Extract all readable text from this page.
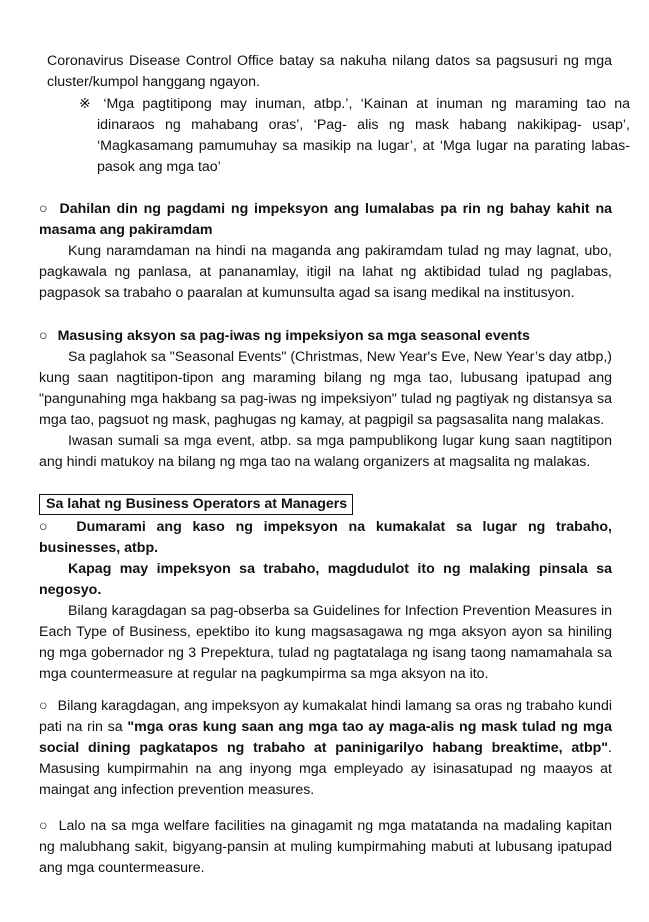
Coronavirus Disease Control Office batay sa nakuha nilang datos sa pagsusuri ng mga cluster/kumpol hanggang ngayon.

※ ‘Mga pagtitipong may inuman, atbp.’, ‘Kainan at inuman ng maraming tao na idinaraos ng mahabang oras’, ‘Pag- alis ng mask habang nakikipag- usap’, ‘Magkasamang pamumuhay sa masikip na lugar’, at ‘Mga lugar na parating labas-pasok ang mga tao’

○ Dahilan din ng pagdami ng impeksyon ang lumalabas pa rin ng bahay kahit na masama ang pakiramdam

Kung naramdaman na hindi na maganda ang pakiramdam tulad ng may lagnat, ubo, pagkawala ng panlasa, at pananamlay, itigil na lahat ng aktibidad tulad ng paglabas, pagpasok sa trabaho o paaralan at kumunsulta agad sa isang medikal na institusyon.

○ Masusing aksyon sa pag-iwas ng impeksiyon sa mga seasonal events

Sa paglahok sa "Seasonal Events" (Christmas, New Year's Eve, New Year’s day atbp,) kung saan nagtitipon-tipon ang maraming bilang ng mga tao, lubusang ipatupad ang "pangunahing mga hakbang sa pag-iwas ng impeksiyon" tulad ng pagtiyak ng distansya sa mga tao, pagsuot ng mask, paghugas ng kamay, at pagpigil sa pagsasalita nang malakas.

Iwasan sumali sa mga event, atbp. sa mga pampublikong lugar kung saan nagtitipon ang hindi matukoy na bilang ng mga tao na walang organizers at magsalita ng malakas.

Sa lahat ng Business Operators at Managers

○ Dumarami ang kaso ng impeksyon na kumakalat sa lugar ng trabaho, businesses, atbp.

Kapag may impeksyon sa trabaho, magdudulot ito ng malaking pinsala sa negosyo.

Bilang karagdagan sa pag-obserba sa Guidelines for Infection Prevention Measures in Each Type of Business, epektibo ito kung magsasagawa ng mga aksyon ayon sa hiniling ng mga gobernador ng 3 Prepektura, tulad ng pagtatalaga ng isang taong namamahala sa mga countermeasure at regular na pagkumpirma sa mga aksyon na ito.

○ Bilang karagdagan, ang impeksyon ay kumakalat hindi lamang sa oras ng trabaho kundi pati na rin sa "mga oras kung saan ang mga tao ay maga-alis ng mask tulad ng mga social dining pagkatapos ng trabaho at paninigarilyo habang breaktime, atbp". Masusing kumpirmahin na ang inyong mga empleyado ay isinasatupad ng maayos at maingat ang infection prevention measures.

○ Lalo na sa mga welfare facilities na ginagamit ng mga matatanda na madaling kapitan ng malubhang sakit, bigyang-pansin at muling kumpirmahing mabuti at lubusang ipatupad ang mga countermeasure.
